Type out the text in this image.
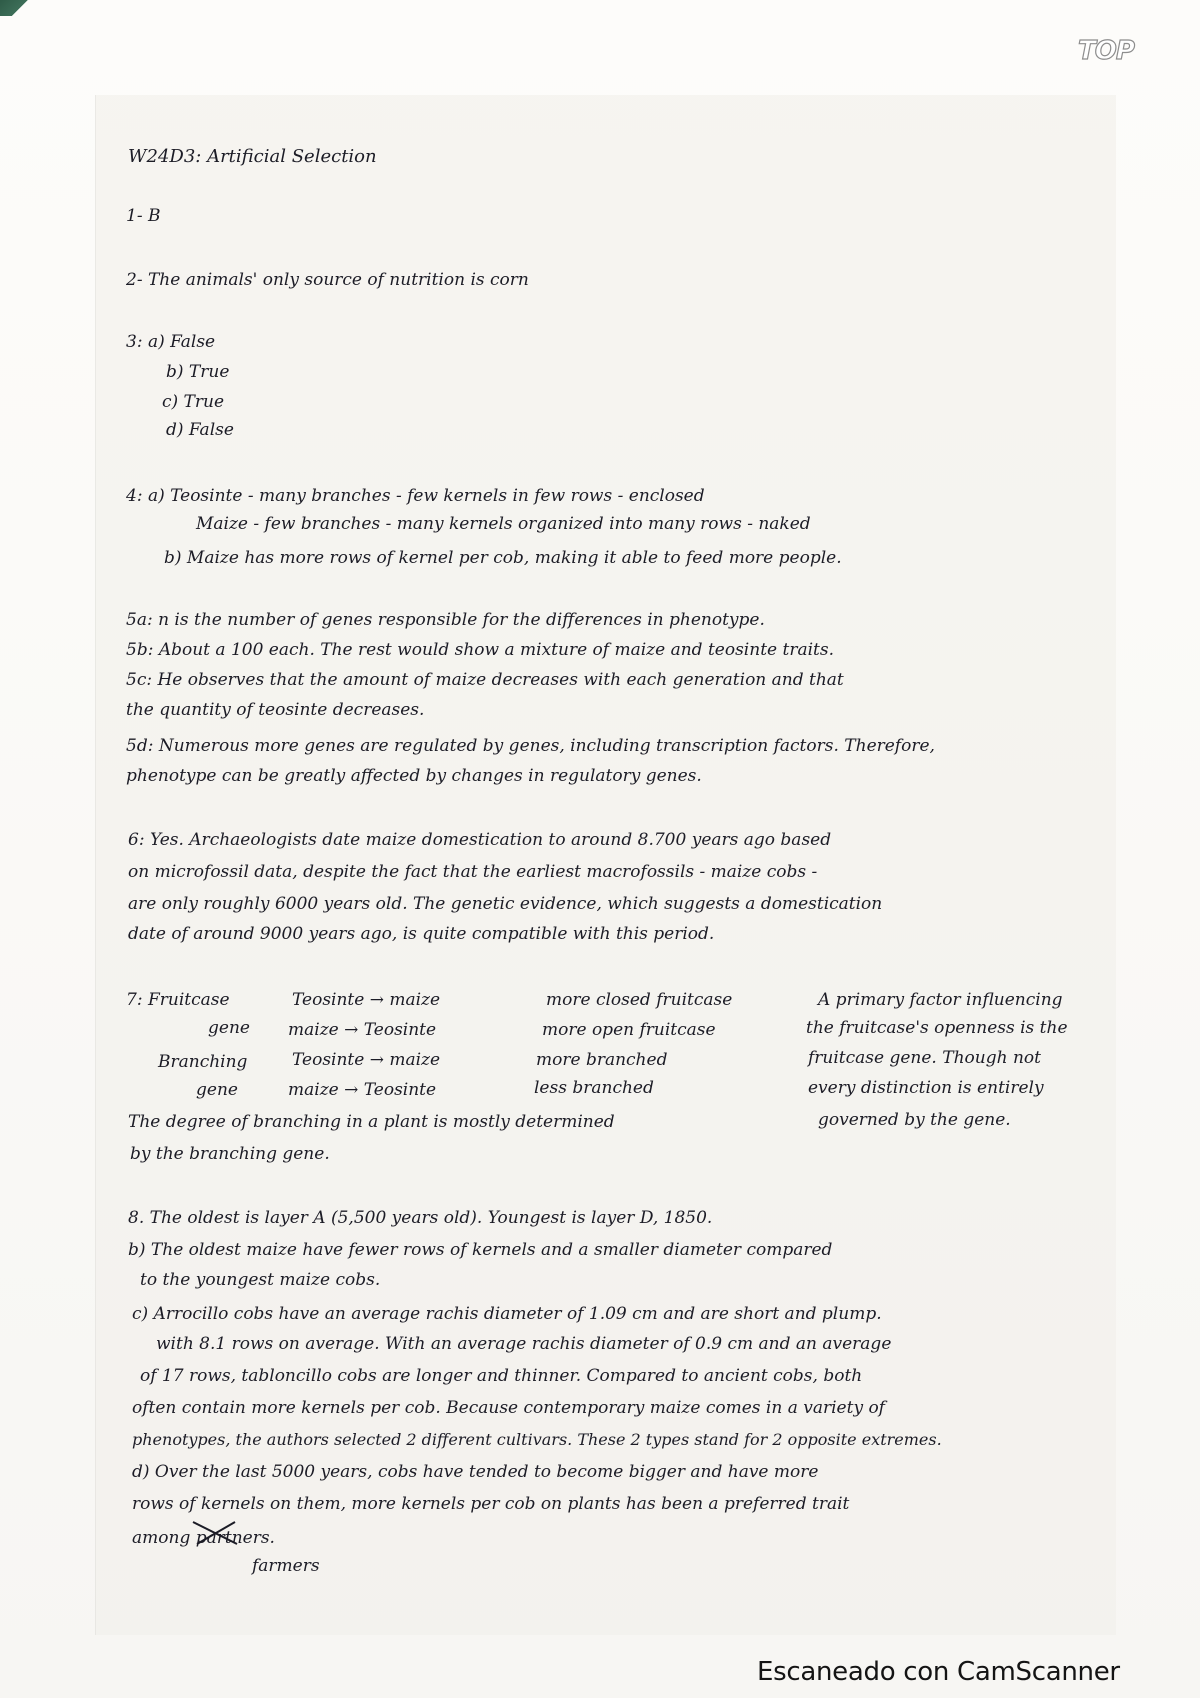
TOP
W24D3: Artificial Selection
1- B
2- The animals' only source of nutrition is corn
3: a) False
b) True
c) True
d) False
4: a) Teosinte - many branches - few kernels in few rows - enclosed
Maize - few branches - many kernels organized into many rows - naked
b) Maize has more rows of kernel per cob, making it able to feed more people.
5a: n is the number of genes responsible for the differences in phenotype.
5b: About a 100 each. The rest would show a mixture of maize and teosinte traits.
5c: He observes that the amount of maize decreases with each generation and that
the quantity of teosinte decreases.
5d: Numerous more genes are regulated by genes, including transcription factors. Therefore,
phenotype can be greatly affected by changes in regulatory genes.
6: Yes. Archaeologists date maize domestication to around 8.700 years ago based
on microfossil data, despite the fact that the earliest macrofossils - maize cobs -
are only roughly 6000 years old. The genetic evidence, which suggests a domestication
date of around 9000 years ago, is quite compatible with this period.
7: Fruitcase
gene
Teosinte → maize
maize → Teosinte
more closed fruitcase
more open fruitcase
Branching
gene
Teosinte → maize
maize → Teosinte
more branched
less branched
A primary factor influencing
the fruitcase's openness is the
fruitcase gene. Though not
every distinction is entirely
governed by the gene.
The degree of branching in a plant is mostly determined
by the branching gene.
8. The oldest is layer A (5,500 years old). Youngest is layer D, 1850.
b) The oldest maize have fewer rows of kernels and a smaller diameter compared
to the youngest maize cobs.
c) Arrocillo cobs have an average rachis diameter of 1.09 cm and are short and plump.
with 8.1 rows on average. With an average rachis diameter of 0.9 cm and an average
of 17 rows, tabloncillo cobs are longer and thinner. Compared to ancient cobs, both
often contain more kernels per cob. Because contemporary maize comes in a variety of
phenotypes, the authors selected 2 different cultivars. These 2 types stand for 2 opposite extremes.
d) Over the last 5000 years, cobs have tended to become bigger and have more
rows of kernels on them, more kernels per cob on plants has been a preferred trait
among partners.
farmers
Escaneado con CamScanner
